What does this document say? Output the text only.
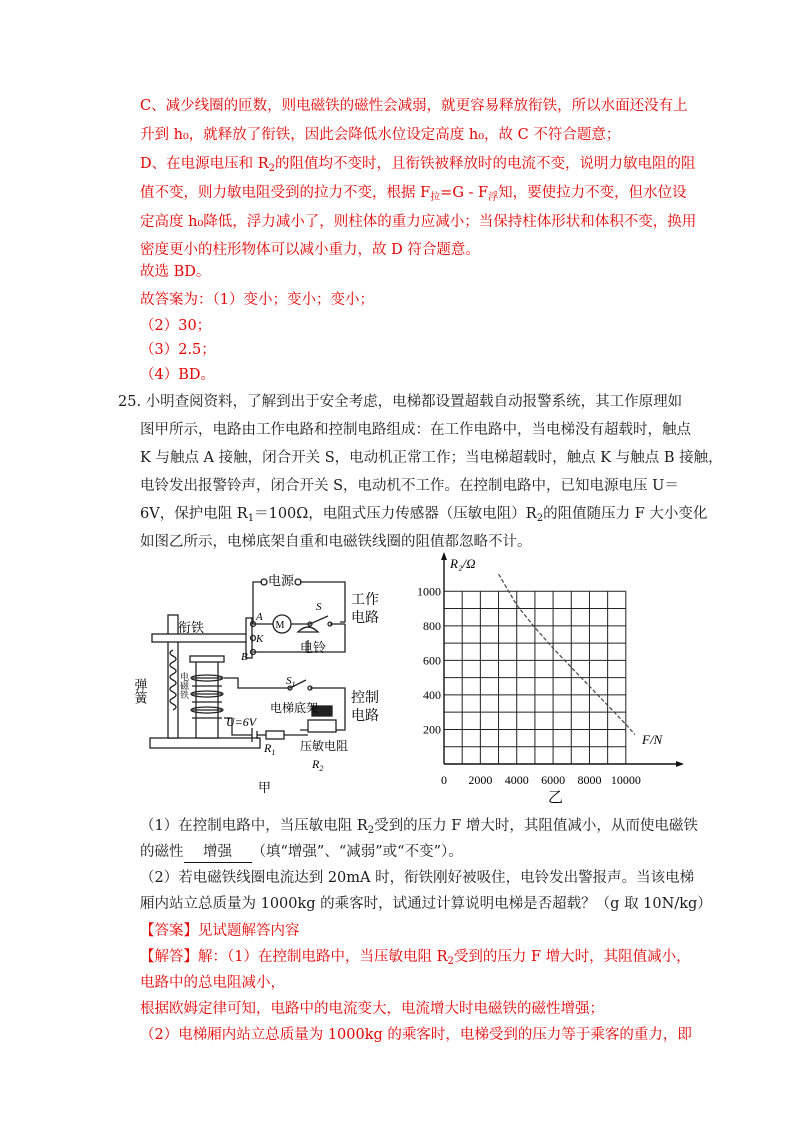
C、减少线圈的匝数，则电磁铁的磁性会减弱，就更容易释放衔铁，所以水面还没有上
升到 h₀，就释放了衔铁，因此会降低水位设定高度 h₀，故 C 不符合题意；
D、在电源电压和 $R_2$的阻值均不变时，且衔铁被释放时的电流不变，说明力敏电阻的阻
值不变，则力敏电阻受到的拉力不变，根据 $F_拉=G - F_浮$知，要使拉力不变，但水位设
定高度 h₀降低，浮力减小了，则柱体的重力应减小；当保持柱体形状和体积不变，换用
密度更小的柱形物体可以减小重力，故 D 符合题意。
故选 BD。
故答案为：（1）变小；变小；变小；
（2）30；
（3）2.5；
（4）BD。
25. 小明查阅资料，了解到出于安全考虑，电梯都设置超载自动报警系统，其工作原理如
图甲所示，电路由工作电路和控制电路组成：在工作电路中，当电梯没有超载时，触点
K 与触点 A 接触，闭合开关 S，电动机正常工作；当电梯超载时，触点 K 与触点 B 接触，
电铃发出报警铃声，闭合开关 S，电动机不工作。在控制电路中，已知电源电压 U＝
6V，保护电阻 $R_1=100\Omega$，电阻式压力传感器（压敏电阻）$R_2$的阻值随压力 F 大小变化
如图乙所示，电梯底架自重和电磁铁线圈的阻值都忽略不计。
电源
工作
电路
M
S
衔铁
A
K
B
电铃
弹簧	电磁铁	$S_1$
控制
电路
电梯底架
U=6V
$R_1$ 压敏电阻
$R_2$
甲	0 2000 4000 6000 8000 10000
200
400
600
800
1000
R₂/Ω
F/N
乙
（1）在控制电路中，当压敏电阻 $R_2$受到的压力 F 增大时，其阻值减小，从而使电磁铁
的磁性 增强 （填“增强”、“减弱”或“不变”）。
（2）若电磁铁线圈电流达到 20mA 时，衔铁刚好被吸住，电铃发出警报声。当该电梯
厢内站立总质量为 1000kg 的乘客时，试通过计算说明电梯是否超载？（g 取 10N/kg）
【答案】见试题解答内容
【解答】解：（1）在控制电路中，当压敏电阻 $R_2$受到的压力 F 增大时，其阻值减小，
电路中的总电阻减小，
根据欧姆定律可知，电路中的电流变大，电流增大时电磁铁的磁性增强；
（2）电梯厢内站立总质量为 1000kg 的乘客时，电梯受到的压力等于乘客的重力，即
